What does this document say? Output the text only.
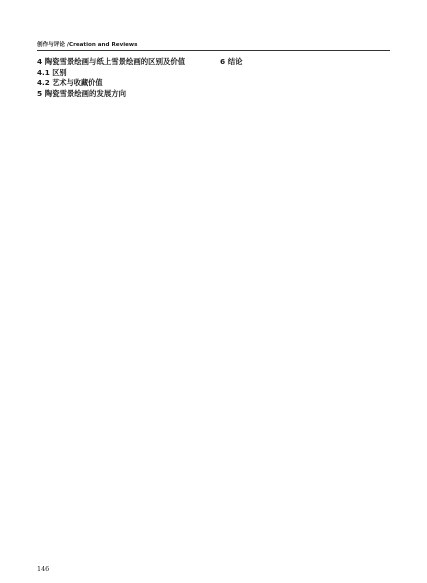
创作与评论 /Creation and Reviews

4 陶瓷雪景绘画与纸上雪景绘画的区别及价值
4.1 区别

4.2 艺术与收藏价值

5 陶瓷雪景绘画的发展方向

6 结论

146
